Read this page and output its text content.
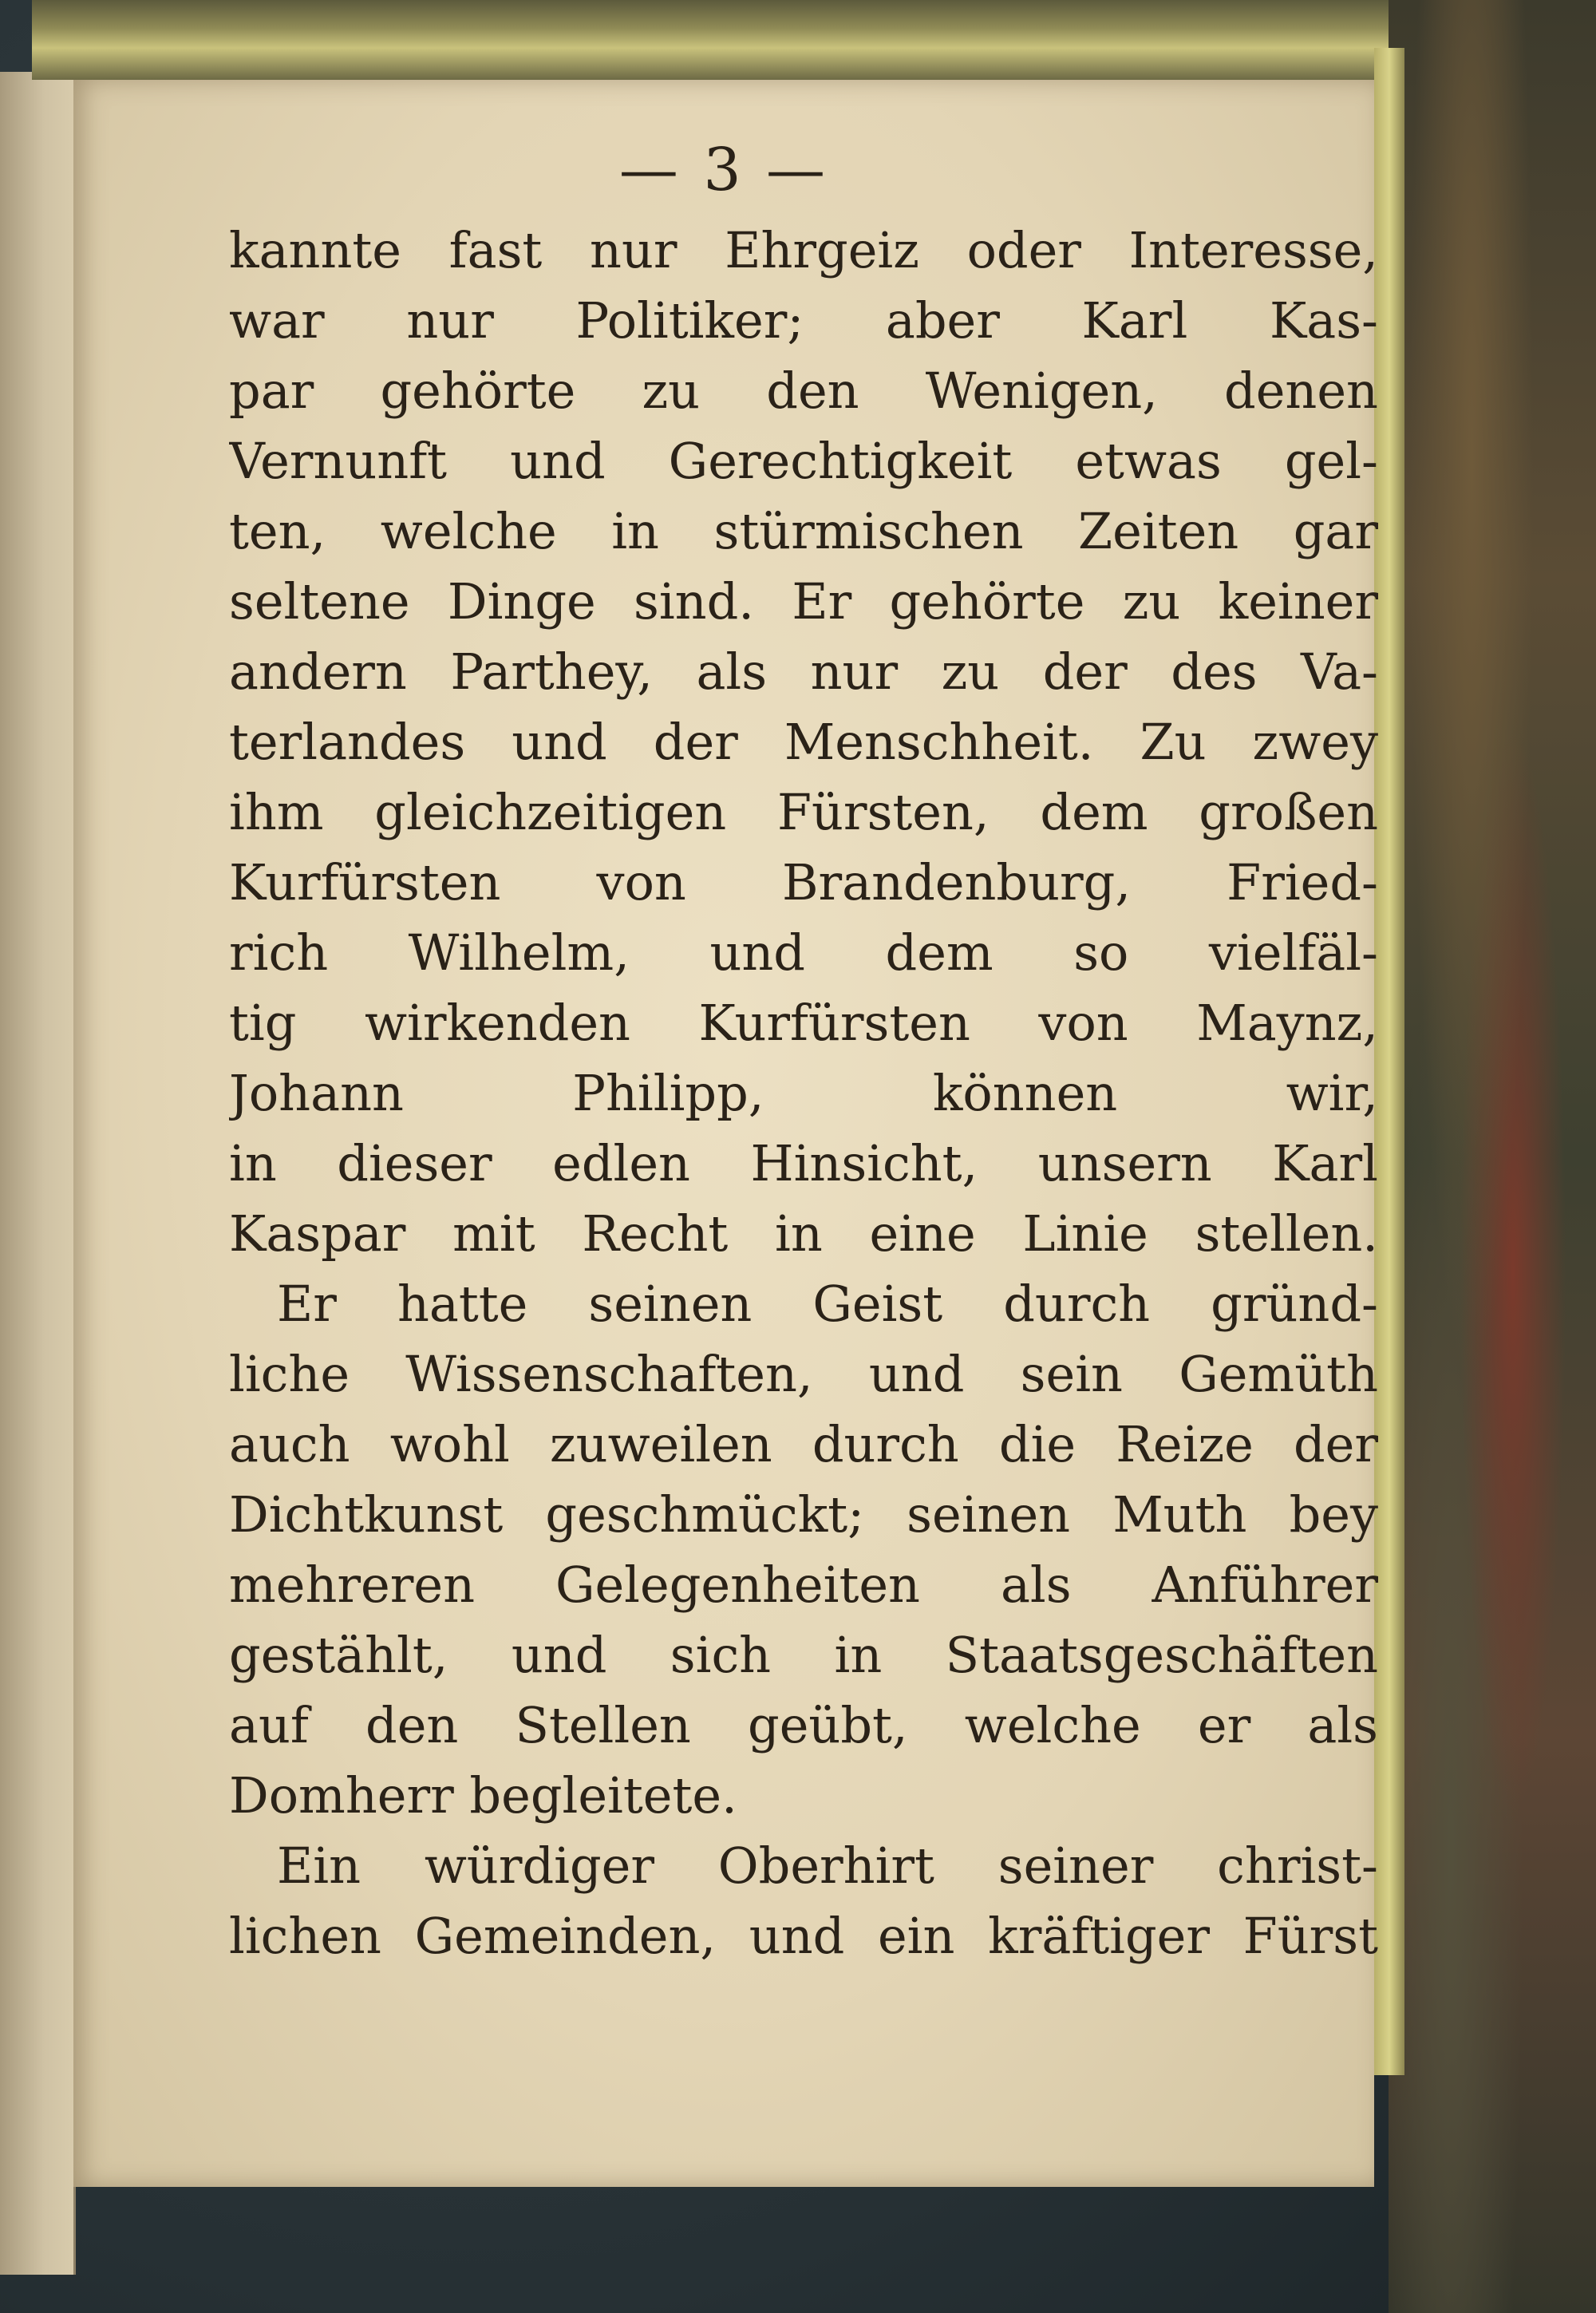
— 3 —
kannte fast nur Ehrgeiz oder Interesse,
war nur Politiker; aber Karl Kas-
par gehörte zu den Wenigen, denen
Vernunft und Gerechtigkeit etwas gel-
ten, welche in stürmischen Zeiten gar
seltene Dinge sind. Er gehörte zu keiner
andern Parthey, als nur zu der des Va-
terlandes und der Menschheit. Zu zwey
ihm gleichzeitigen Fürsten, dem großen
Kurfürsten von Brandenburg, Fried-
rich Wilhelm, und dem so vielfäl-
tig wirkenden Kurfürsten von Maynz,
Johann Philipp, können wir,
in dieser edlen Hinsicht, unsern Karl
Kaspar mit Recht in eine Linie stellen.
Er hatte seinen Geist durch gründ-
liche Wissenschaften, und sein Gemüth
auch wohl zuweilen durch die Reize der
Dichtkunst geschmückt; seinen Muth bey
mehreren Gelegenheiten als Anführer
gestählt, und sich in Staatsgeschäften
auf den Stellen geübt, welche er als
Domherr begleitete.
Ein würdiger Oberhirt seiner christ-
lichen Gemeinden, und ein kräftiger Fürst
